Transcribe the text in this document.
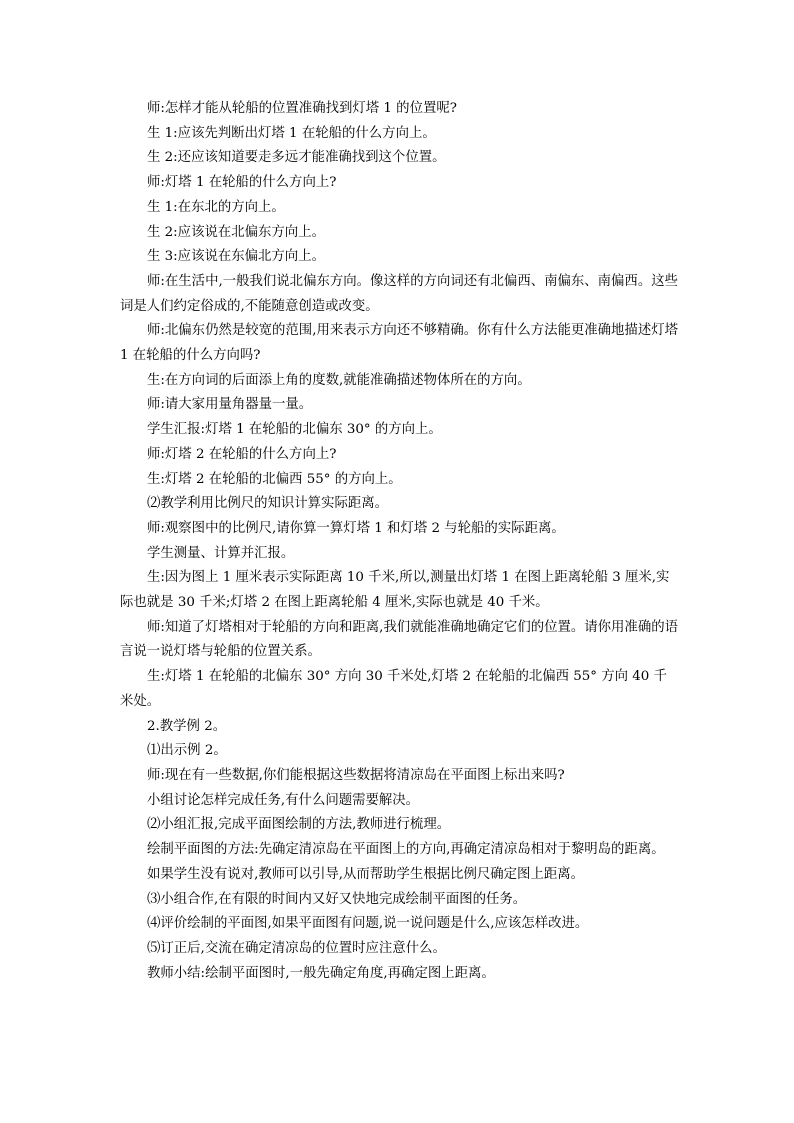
师:怎样才能从轮船的位置准确找到灯塔 1 的位置呢?

生 1:应该先判断出灯塔 1 在轮船的什么方向上。

生 2:还应该知道要走多远才能准确找到这个位置。

师:灯塔 1 在轮船的什么方向上?

生 1:在东北的方向上。

生 2:应该说在北偏东方向上。

生 3:应该说在东偏北方向上。

师:在生活中,一般我们说北偏东方向。像这样的方向词还有北偏西、南偏东、南偏西。这些词是人们约定俗成的,不能随意创造或改变。

师:北偏东仍然是较宽的范围,用来表示方向还不够精确。你有什么方法能更准确地描述灯塔 1 在轮船的什么方向吗?

生:在方向词的后面添上角的度数,就能准确描述物体所在的方向。

师:请大家用量角器量一量。

学生汇报:灯塔 1 在轮船的北偏东 30° 的方向上。

师:灯塔 2 在轮船的什么方向上?

生:灯塔 2 在轮船的北偏西 55° 的方向上。

⑵教学利用比例尺的知识计算实际距离。

师:观察图中的比例尺,请你算一算灯塔 1 和灯塔 2 与轮船的实际距离。

学生测量、计算并汇报。

生:因为图上 1 厘米表示实际距离 10 千米,所以,测量出灯塔 1 在图上距离轮船 3 厘米,实际也就是 30 千米;灯塔 2 在图上距离轮船 4 厘米,实际也就是 40 千米。

师:知道了灯塔相对于轮船的方向和距离,我们就能准确地确定它们的位置。请你用准确的语言说一说灯塔与轮船的位置关系。

生:灯塔 1 在轮船的北偏东 30° 方向 30 千米处,灯塔 2 在轮船的北偏西 55° 方向 40 千米处。

2.教学例 2。

⑴出示例 2。

师:现在有一些数据,你们能根据这些数据将清凉岛在平面图上标出来吗?

小组讨论怎样完成任务,有什么问题需要解决。

⑵小组汇报,完成平面图绘制的方法,教师进行梳理。

绘制平面图的方法:先确定清凉岛在平面图上的方向,再确定清凉岛相对于黎明岛的距离。

如果学生没有说对,教师可以引导,从而帮助学生根据比例尺确定图上距离。

⑶小组合作,在有限的时间内又好又快地完成绘制平面图的任务。

⑷评价绘制的平面图,如果平面图有问题,说一说问题是什么,应该怎样改进。

⑸订正后,交流在确定清凉岛的位置时应注意什么。

教师小结:绘制平面图时,一般先确定角度,再确定图上距离。
